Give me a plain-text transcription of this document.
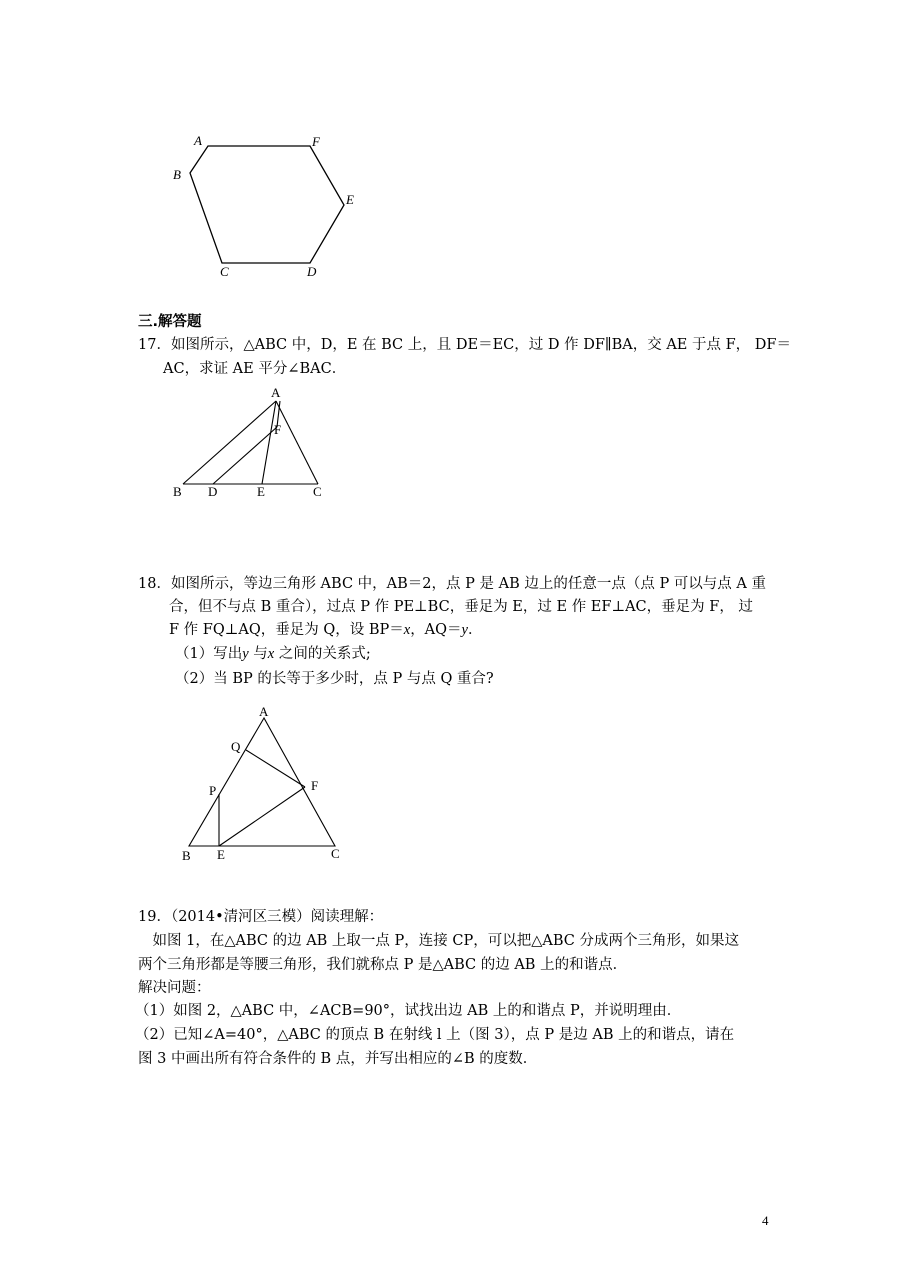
A	F
B
E
C	D
三.解答题
17．如图所示，△ABC 中，D，E 在 BC 上，且 DE＝EC，过 D 作 DF∥BA，交 AE 于点 F， DF＝
AC，求证 AE 平分∠BAC．
A
F
B D	E	C
18．如图所示，等边三角形 ABC 中，AB＝2，点 P 是 AB 边上的任意一点（点 P 可以与点 A 重
合，但不与点 B 重合），过点 P 作 PE⊥BC，垂足为 E，过 E 作 EF⊥AC，垂足为 F， 过
F 作 FQ⊥AQ，垂足为 Q，设 BP＝x，AQ＝y．
（1）写出y 与x 之间的关系式;
（2）当 BP 的长等于多少时，点 P 与点 Q 重合?
A
Q
P	F
B E	C
19．（2014•清河区三模）阅读理解：
　如图 1，在△ABC 的边 AB 上取一点 P，连接 CP，可以把△ABC 分成两个三角形，如果这
两个三角形都是等腰三角形，我们就称点 P 是△ABC 的边 AB 上的和谐点．
解决问题：
（1）如图 2，△ABC 中，∠ACB=90°，试找出边 AB 上的和谐点 P，并说明理由．
（2）已知∠A=40°，△ABC 的顶点 B 在射线 l 上（图 3），点 P 是边 AB 上的和谐点，请在
图 3 中画出所有符合条件的 B 点，并写出相应的∠B 的度数．
4
